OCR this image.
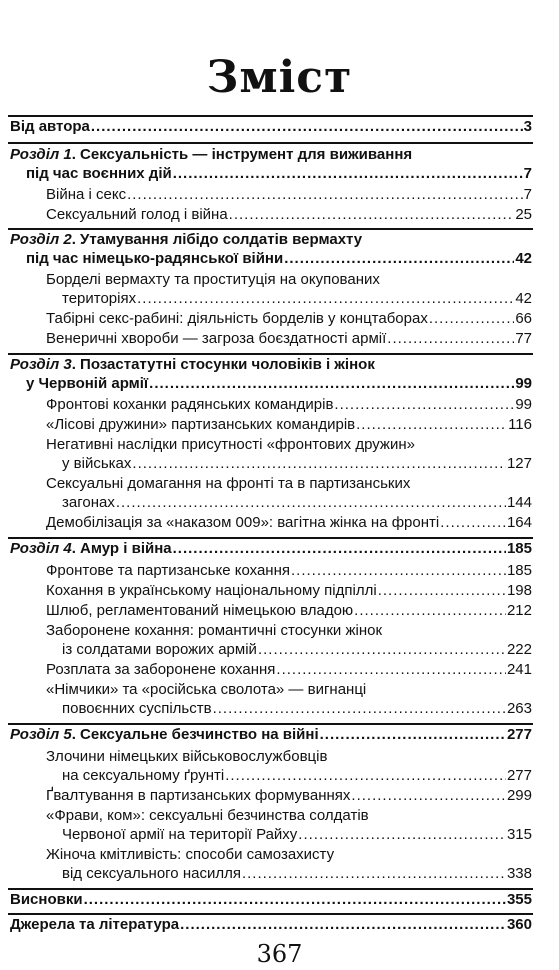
Зміст
Від автора .....	3
Розділ 1. Сексуальність — інструмент для виживання
під час воєнних дій .....	7
Війна і секс .....	7
Сексуальний голод і війна .....	25
Розділ 2. Утамування лібідо солдатів вермахту
під час німецько-радянської війни .....	42
Борделі вермахту та проституція на окупованих
територіях .....	42
Табірні секс-рабині: діяльність борделів у концтаборах .....	66
Венеричні хвороби — загроза боєздатності армії .....	77
Розділ 3. Позастатутні стосунки чоловіків і жінок
у Червоній армії .....	99
Фронтові коханки радянських командирів .....	99
«Лісові дружини» партизанських командирів .....	116
Негативні наслідки присутності «фронтових дружин»
у військах .....	127
Сексуальні домагання на фронті та в партизанських
загонах .....	144
Демобілізація за «наказом 009»: вагітна жінка на фронті .....	164
Розділ 4. Амур і війна .....	185
Фронтове та партизанське кохання .....	185
Кохання в українському національному підпіллі .....	198
Шлюб, регламентований німецькою владою .....	212
Заборонене кохання: романтичні стосунки жінок
із солдатами ворожих армій .....	222
Розплата за заборонене кохання .....	241
«Німчики» та «російська сволота» — вигнанці
повоєнних суспільств .....	263
Розділ 5. Сексуальне безчинство на війні .....	277
Злочини німецьких військовослужбовців
на сексуальному ґрунті .....	277
Ґвалтування в партизанських формуваннях .....	299
«Фрави, ком»: сексуальні безчинства солдатів
Червоної армії на території Райху .....	315
Жіноча кмітливість: способи самозахисту
від сексуального насилля .....	338
Висновки .....	355
Джерела та література .....	360
367
